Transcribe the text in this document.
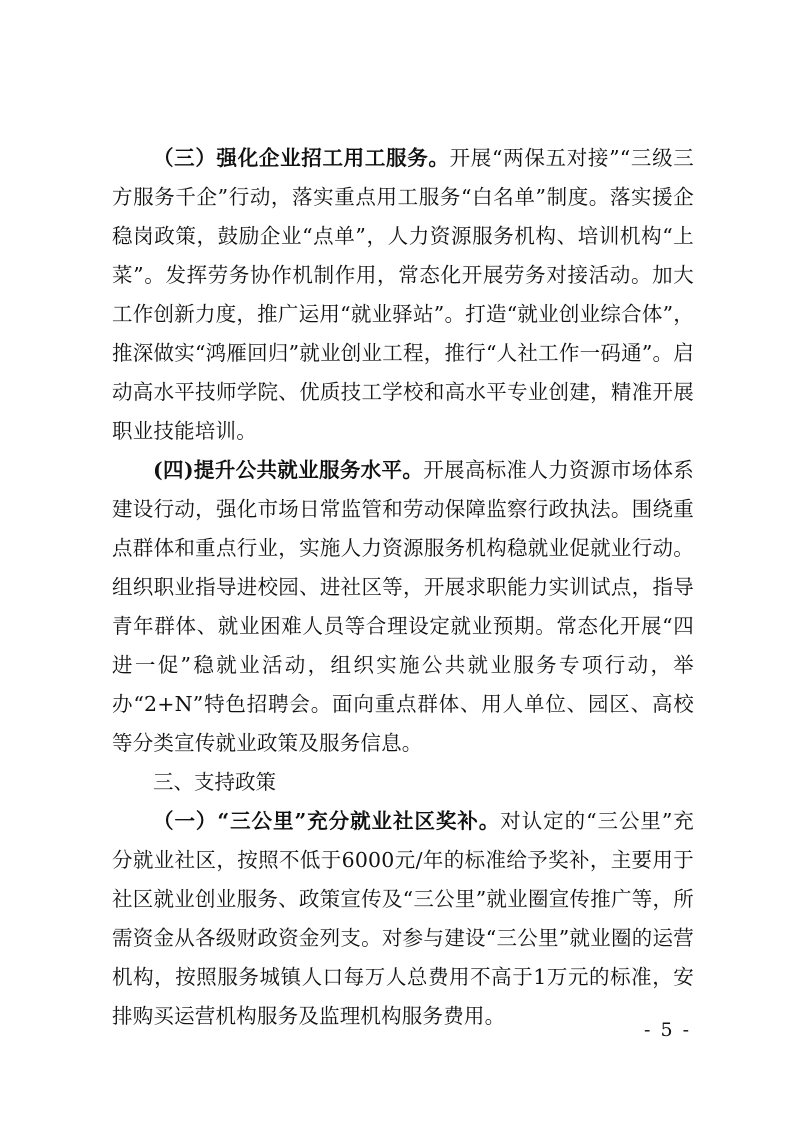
（三）强化企业招工用工服务。开展“两保五对接”“三级三方服务千企”行动，落实重点用工服务“白名单”制度。落实援企稳岗政策，鼓励企业“点单”，人力资源服务机构、培训机构“上菜”。发挥劳务协作机制作用，常态化开展劳务对接活动。加大工作创新力度，推广运用“就业驿站”。打造“就业创业综合体”，推深做实“鸿雁回归”就业创业工程，推行“人社工作一码通”。启动高水平技师学院、优质技工学校和高水平专业创建，精准开展职业技能培训。

(四)提升公共就业服务水平。开展高标准人力资源市场体系建设行动，强化市场日常监管和劳动保障监察行政执法。围绕重点群体和重点行业，实施人力资源服务机构稳就业促就业行动。组织职业指导进校园、进社区等，开展求职能力实训试点，指导青年群体、就业困难人员等合理设定就业预期。常态化开展“四进一促”稳就业活动，组织实施公共就业服务专项行动，举办“2+N”特色招聘会。面向重点群体、用人单位、园区、高校等分类宣传就业政策及服务信息。

三、支持政策

（一）“三公里”充分就业社区奖补。对认定的“三公里”充分就业社区，按照不低于6000元/年的标准给予奖补，主要用于社区就业创业服务、政策宣传及“三公里”就业圈宣传推广等，所需资金从各级财政资金列支。对参与建设“三公里”就业圈的运营机构，按照服务城镇人口每万人总费用不高于1万元的标准，安排购买运营机构服务及监理机构服务费用。

- 5 -
